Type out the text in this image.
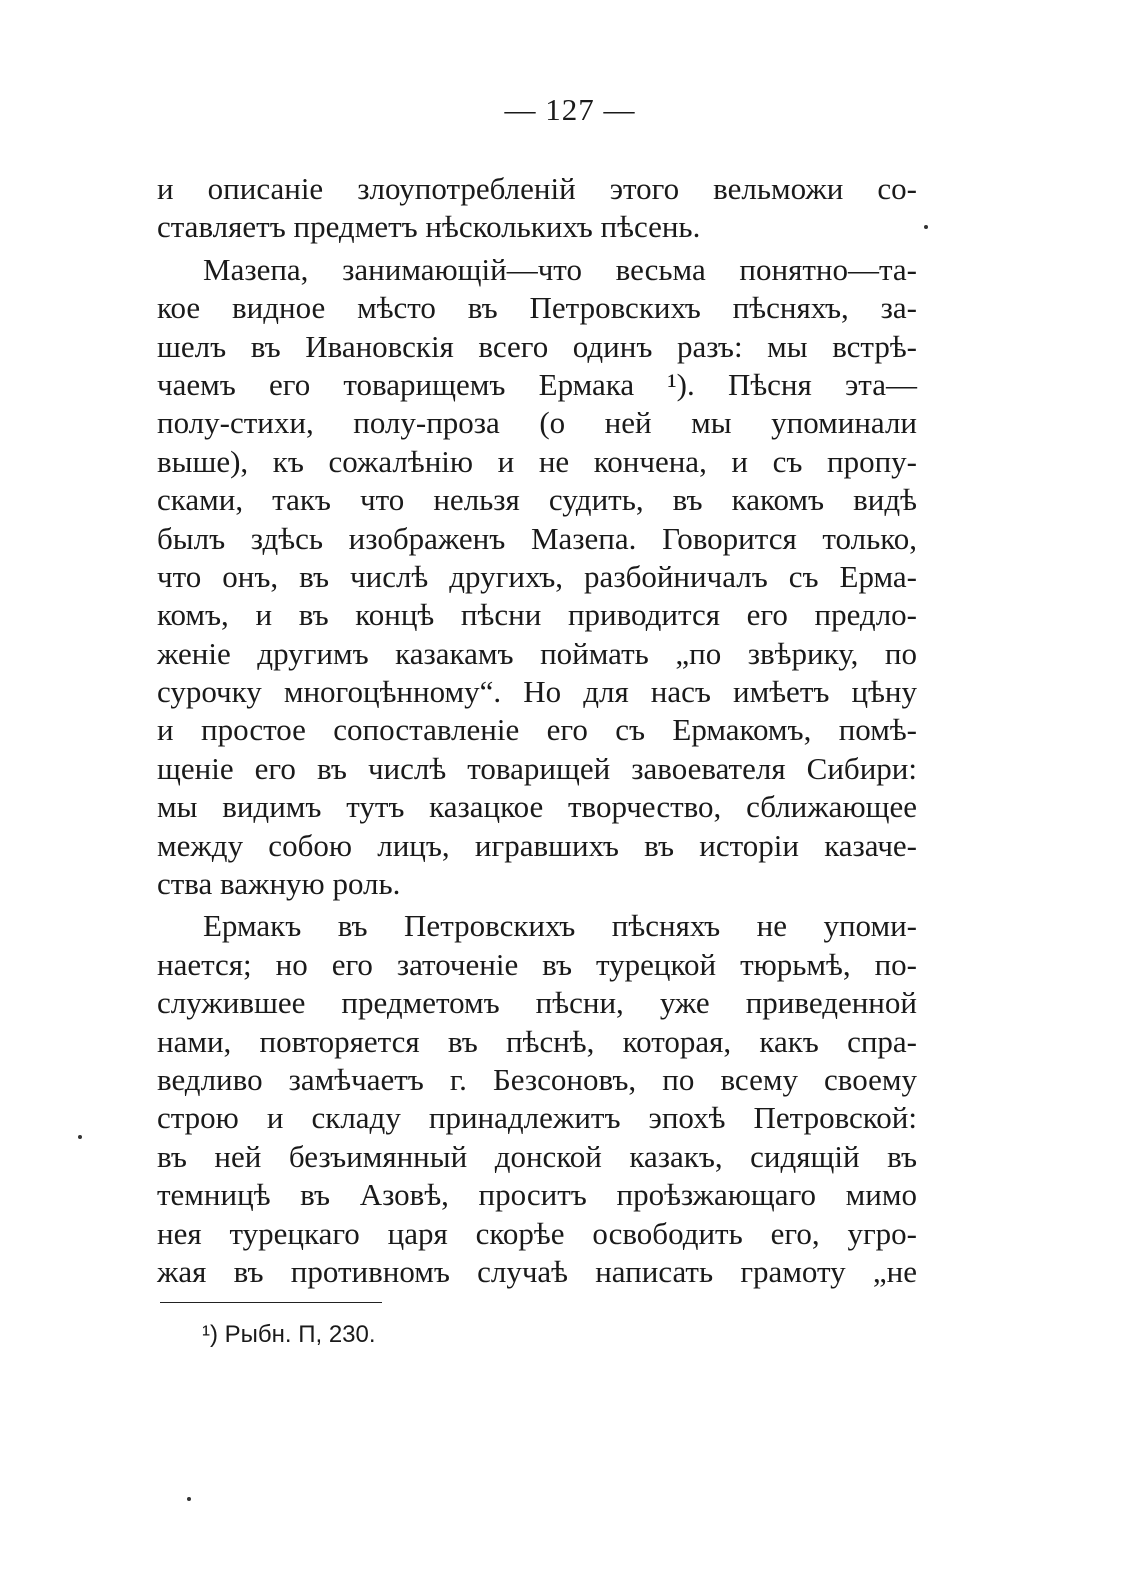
— 127 —
и описанiе злоупотребленiй этого вельможи со-
ставляетъ предметъ нѣсколькихъ пѣсень.
Мазепа, занимающiй—что весьма понятно—та-
кое видное мѣсто въ Петровскихъ пѣсняхъ, за-
шелъ въ Ивановскiя всего одинъ разъ: мы встрѣ-
чаемъ его товарищемъ Ермака ¹). Пѣсня эта—
полу-стихи, полу-проза (о ней мы упоминали
выше), къ сожалѣнiю и не кончена, и съ пропу-
сками, такъ что нельзя судить, въ какомъ видѣ
былъ здѣсь изображенъ Мазепа. Говорится только,
что онъ, въ числѣ другихъ, разбойничалъ съ Ерма-
комъ, и въ концѣ пѣсни приводится его предло-
женiе другимъ казакамъ поймать „по звѣрику, по
сурочку многоцѣнному“. Но для насъ имѣетъ цѣну
и простое сопоставленiе его съ Ермакомъ, помѣ-
щенiе его въ числѣ товарищей завоевателя Сибири:
мы видимъ тутъ казацкое творчество, сближающее
между собою лицъ, игравшихъ въ исторiи казаче-
ства важную роль.
Ермакъ въ Петровскихъ пѣсняхъ не упоми-
нается; но его заточенiе въ турецкой тюрьмѣ, по-
служившее предметомъ пѣсни, уже приведенной
нами, повторяется въ пѣснѣ, которая, какъ спра-
ведливо замѣчаетъ г. Безсоновъ, по всему своему
строю и складу принадлежитъ эпохѣ Петровской:
въ ней безъимянный донской казакъ, сидящiй въ
темницѣ въ Азовѣ, проситъ проѣзжающаго мимо
нея турецкаго царя скорѣе освободить его, угро-
жая въ противномъ случаѣ написать грамоту „не
¹) Рыбн. П, 230.
